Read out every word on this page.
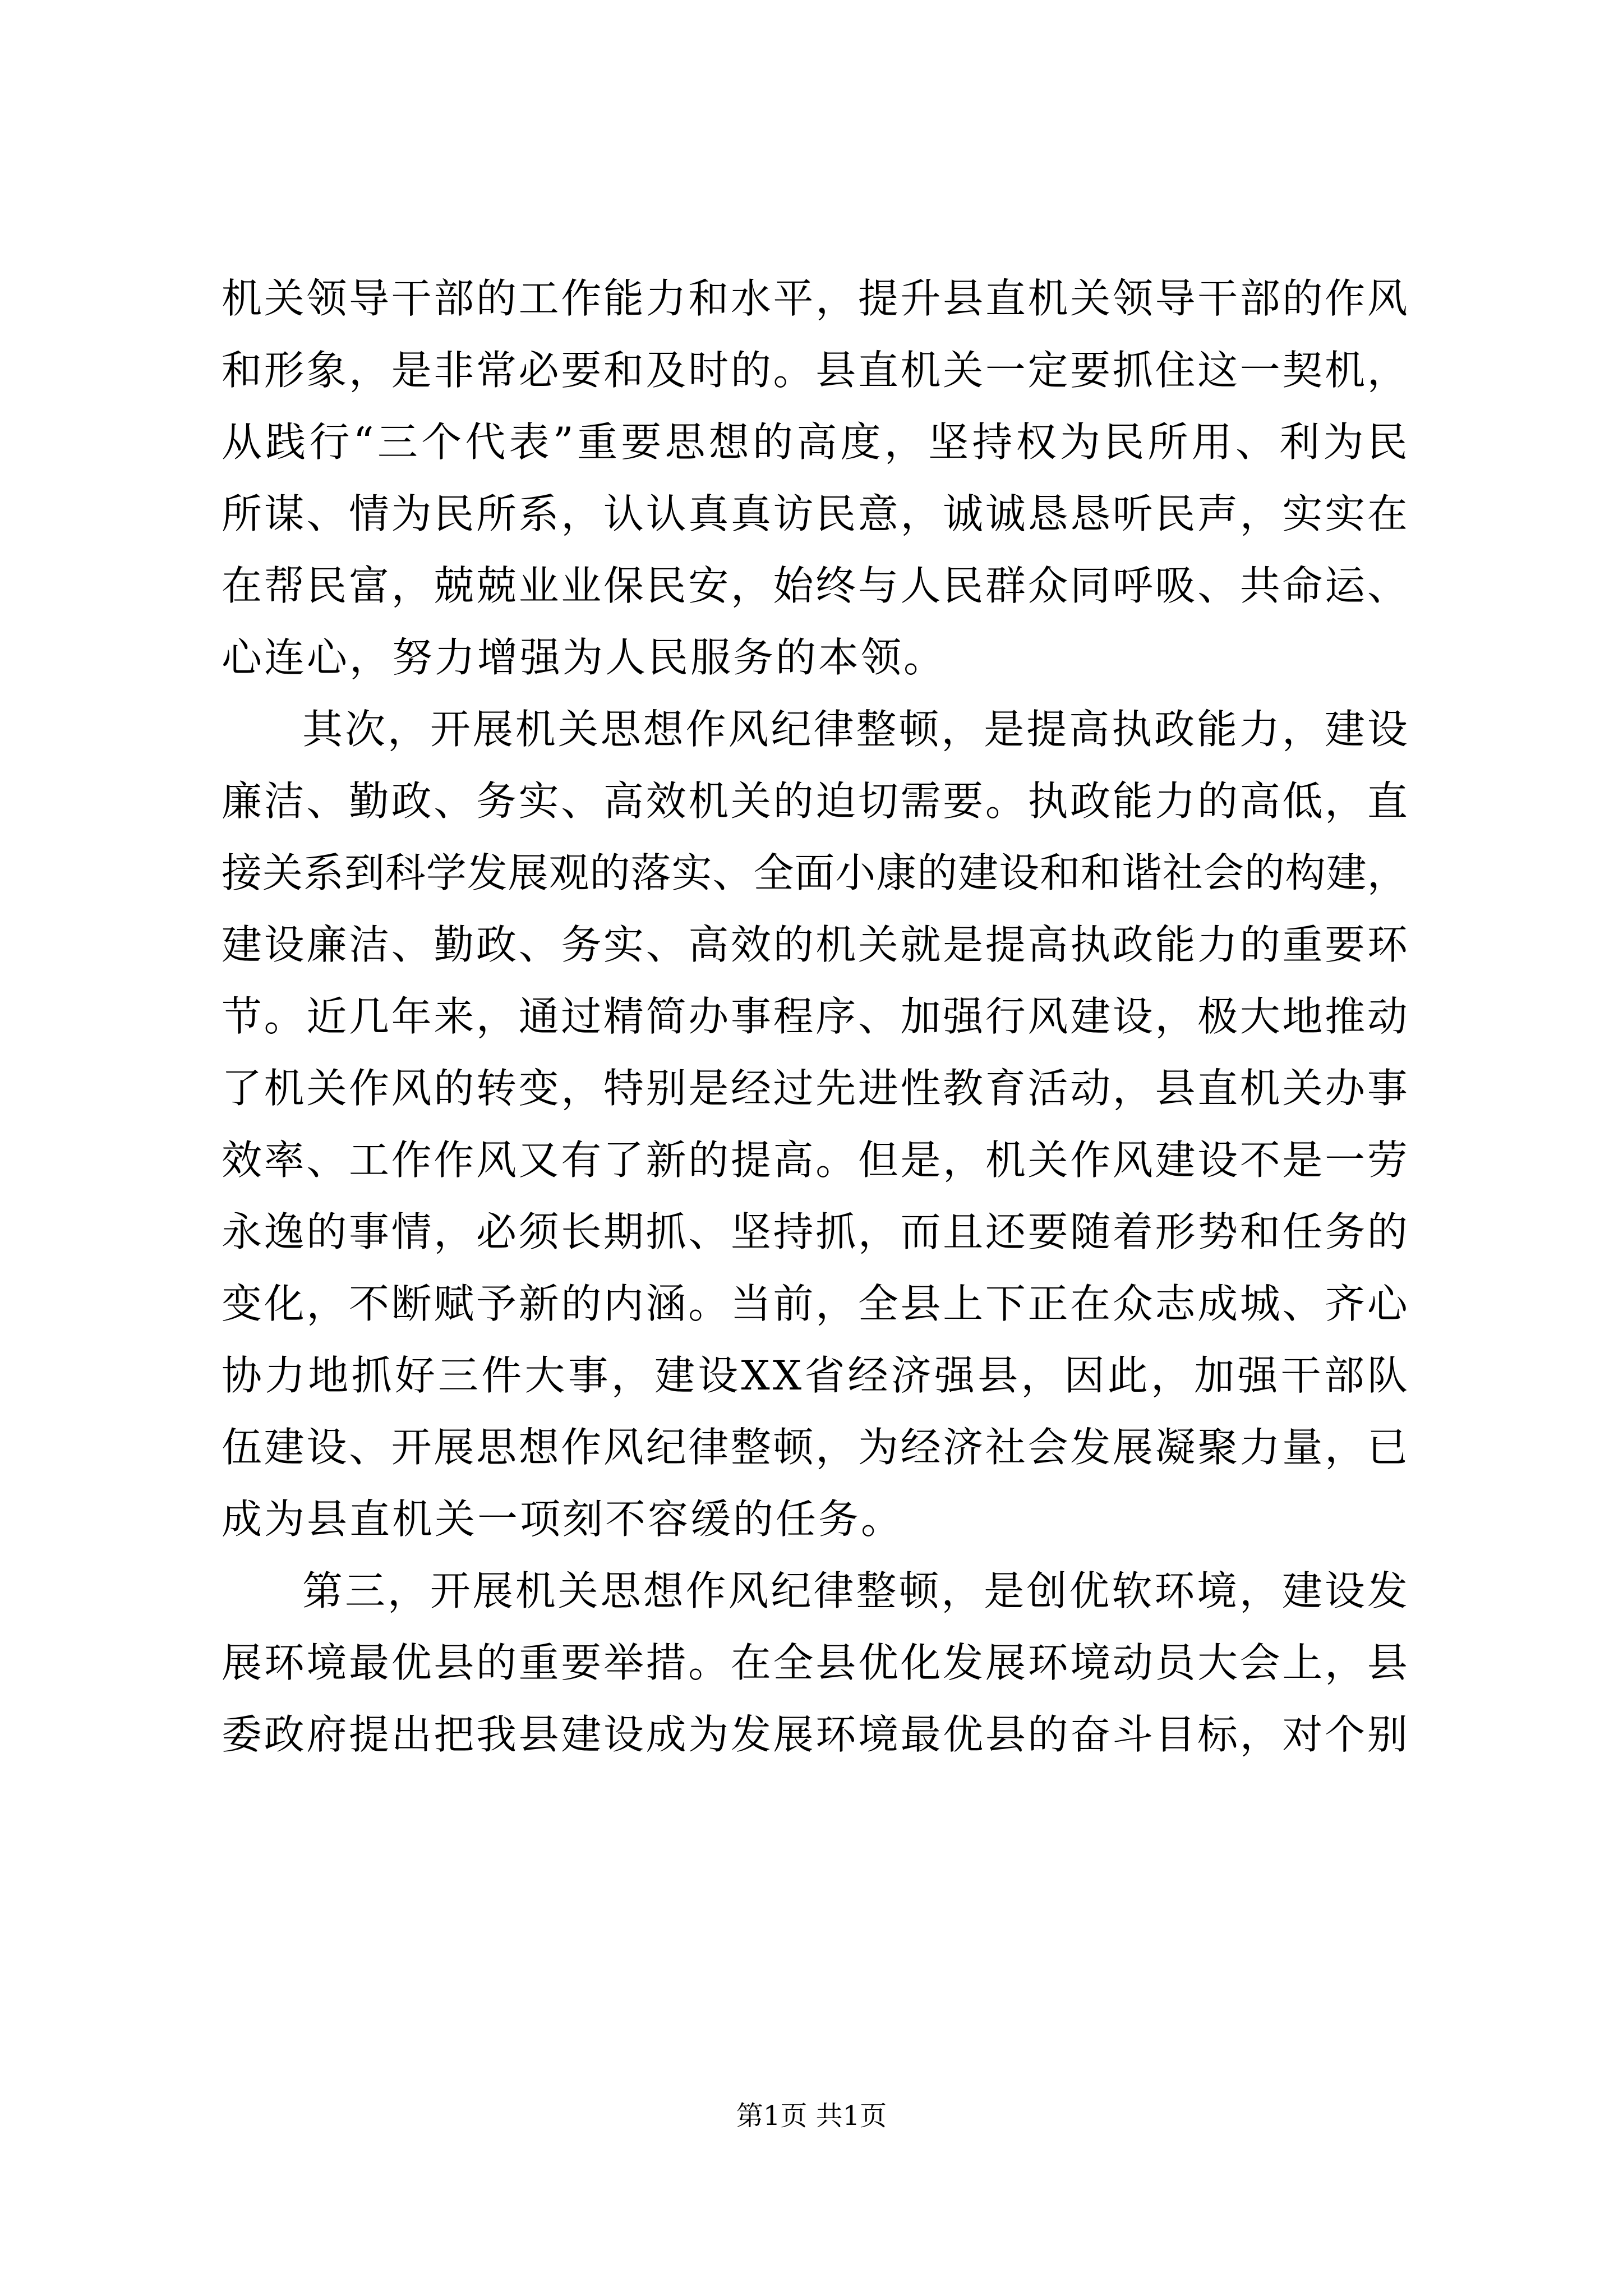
机 关 领 导 干 部 的 工 作 能 力 和 水 平 ， 提 升 县 直 机 关 领 导 干 部 的 作 风
和 形 象 ， 是 非 常 必 要 和 及 时 的 。 县 直 机 关 一 定 要 抓 住 这 一 契 机 ，
从 践 行 “ 三 个 代 表 ” 重 要 思 想 的 高 度 ， 坚 持 权 为 民 所 用 、 利 为 民
所 谋 、 情 为 民 所 系 ， 认 认 真 真 访 民 意 ， 诚 诚 恳 恳 听 民 声 ， 实 实 在
在 帮 民 富 ， 兢 兢 业 业 保 民 安 ， 始 终 与 人 民 群 众 同 呼 吸 、 共 命 运 、
心连心，努力增强为人民服务的本领。
其 次 ， 开 展 机 关 思 想 作 风 纪 律 整 顿 ， 是 提 高 执 政 能 力 ， 建 设
廉 洁 、 勤 政 、 务 实 、 高 效 机 关 的 迫 切 需 要 。 执 政 能 力 的 高 低 ， 直
接 关 系 到 科 学 发 展 观 的 落 实 、 全 面 小 康 的 建 设 和 和 谐 社 会 的 构 建 ，
建 设 廉 洁 、 勤 政 、 务 实 、 高 效 的 机 关 就 是 提 高 执 政 能 力 的 重 要 环
节 。 近 几 年 来 ， 通 过 精 简 办 事 程 序 、 加 强 行 风 建 设 ， 极 大 地 推 动
了 机 关 作 风 的 转 变 ， 特 别 是 经 过 先 进 性 教 育 活 动 ， 县 直 机 关 办 事
效 率 、 工 作 作 风 又 有 了 新 的 提 高 。 但 是 ， 机 关 作 风 建 设 不 是 一 劳
永 逸 的 事 情 ， 必 须 长 期 抓 、 坚 持 抓 ， 而 且 还 要 随 着 形 势 和 任 务 的
变 化 ， 不 断 赋 予 新 的 内 涵 。 当 前 ， 全 县 上 下 正 在 众 志 成 城 、 齐 心
协 力 地 抓 好 三 件 大 事 ， 建 设 X X 省 经 济 强 县 ， 因 此 ， 加 强 干 部 队
伍 建 设 、 开 展 思 想 作 风 纪 律 整 顿 ， 为 经 济 社 会 发 展 凝 聚 力 量 ， 已
成为县直机关一项刻不容缓的任务。
第 三 ， 开 展 机 关 思 想 作 风 纪 律 整 顿 ， 是 创 优 软 环 境 ， 建 设 发
展 环 境 最 优 县 的 重 要 举 措 。 在 全 县 优 化 发 展 环 境 动 员 大 会 上 ， 县
委 政 府 提 出 把 我 县 建 设 成 为 发 展 环 境 最 优 县 的 奋 斗 目 标 ， 对 个 别
第1页 共1页
